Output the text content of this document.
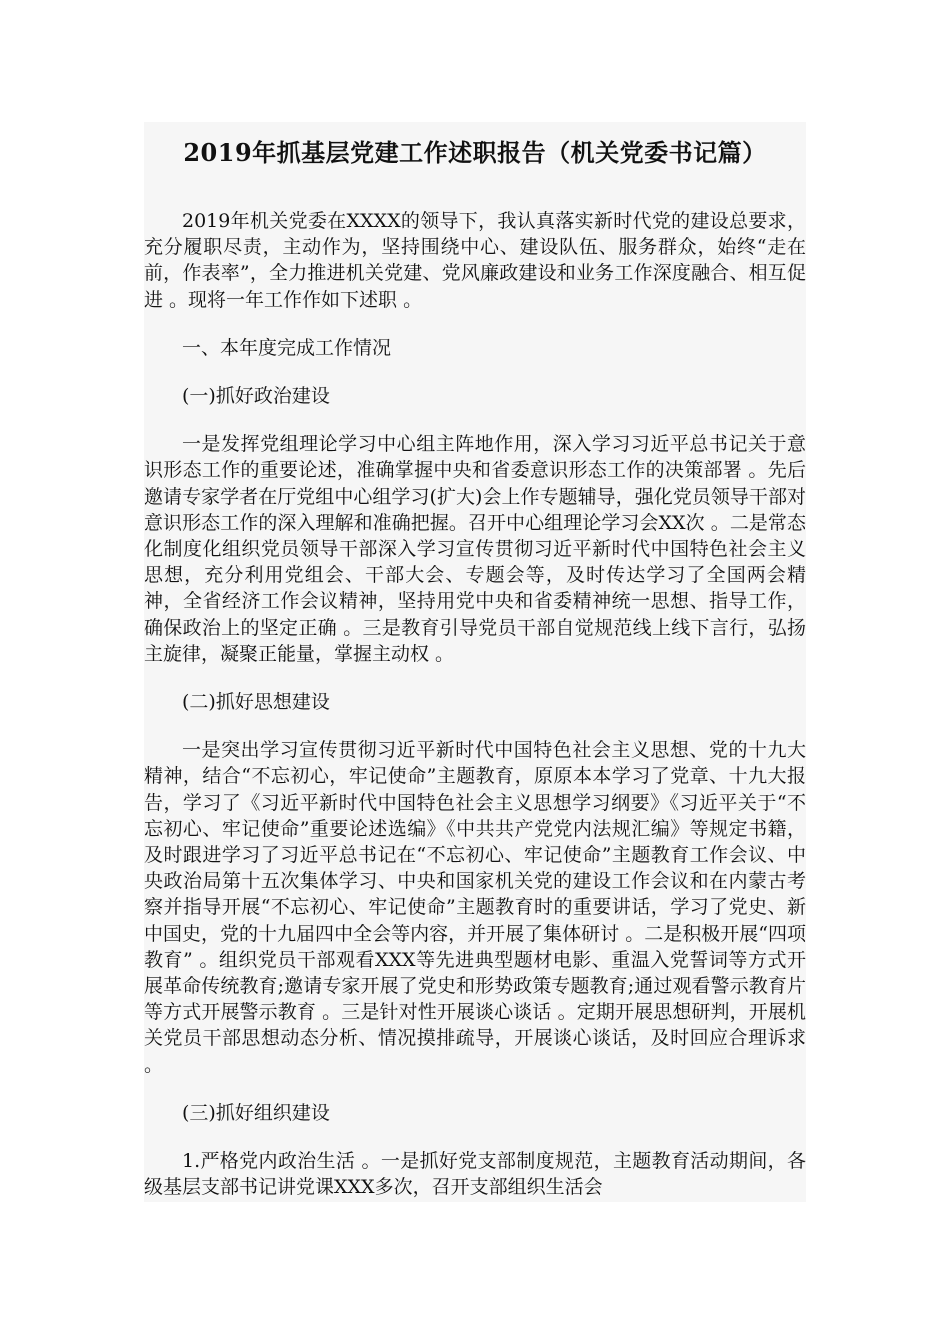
2019年抓基层党建工作述职报告（机关党委书记篇）

2019年机关党委在XXXX的领导下，我认真落实新时代党的建设总要求，充分履职尽责，主动作为，坚持围绕中心、建设队伍、服务群众，始终“走在前，作表率”，全力推进机关党建、党风廉政建设和业务工作深度融合、相互促进 。现将一年工作作如下述职 。

一、本年度完成工作情况

(一)抓好政治建设

一是发挥党组理论学习中心组主阵地作用，深入学习习近平总书记关于意识形态工作的重要论述，准确掌握中央和省委意识形态工作的决策部署 。先后邀请专家学者在厅党组中心组学习(扩大)会上作专题辅导，强化党员领导干部对意识形态工作的深入理解和准确把握。召开中心组理论学习会XX次 。二是常态化制度化组织党员领导干部深入学习宣传贯彻习近平新时代中国特色社会主义思想，充分利用党组会、干部大会、专题会等，及时传达学习了全国两会精神，全省经济工作会议精神，坚持用党中央和省委精神统一思想、指导工作，确保政治上的坚定正确 。三是教育引导党员干部自觉规范线上线下言行，弘扬主旋律，凝聚正能量，掌握主动权 。

(二)抓好思想建设

一是突出学习宣传贯彻习近平新时代中国特色社会主义思想、党的十九大精神，结合“不忘初心，牢记使命”主题教育，原原本本学习了党章、十九大报告，学习了《习近平新时代中国特色社会主义思想学习纲要》《习近平关于“不忘初心、牢记使命”重要论述选编》《中共共产党党内法规汇编》等规定书籍，及时跟进学习了习近平总书记在“不忘初心、牢记使命”主题教育工作会议、中央政治局第十五次集体学习、中央和国家机关党的建设工作会议和在内蒙古考察并指导开展“不忘初心、牢记使命”主题教育时的重要讲话，学习了党史、新中国史，党的十九届四中全会等内容，并开展了集体研讨 。二是积极开展“四项教育” 。组织党员干部观看XXX等先进典型题材电影、重温入党誓词等方式开展革命传统教育;邀请专家开展了党史和形势政策专题教育;通过观看警示教育片等方式开展警示教育 。三是针对性开展谈心谈话 。定期开展思想研判，开展机关党员干部思想动态分析、情况摸排疏导，开展谈心谈话，及时回应合理诉求 。

(三)抓好组织建设

1.严格党内政治生活 。一是抓好党支部制度规范，主题教育活动期间，各级基层支部书记讲党课XXX多次，召开支部组织生活会
